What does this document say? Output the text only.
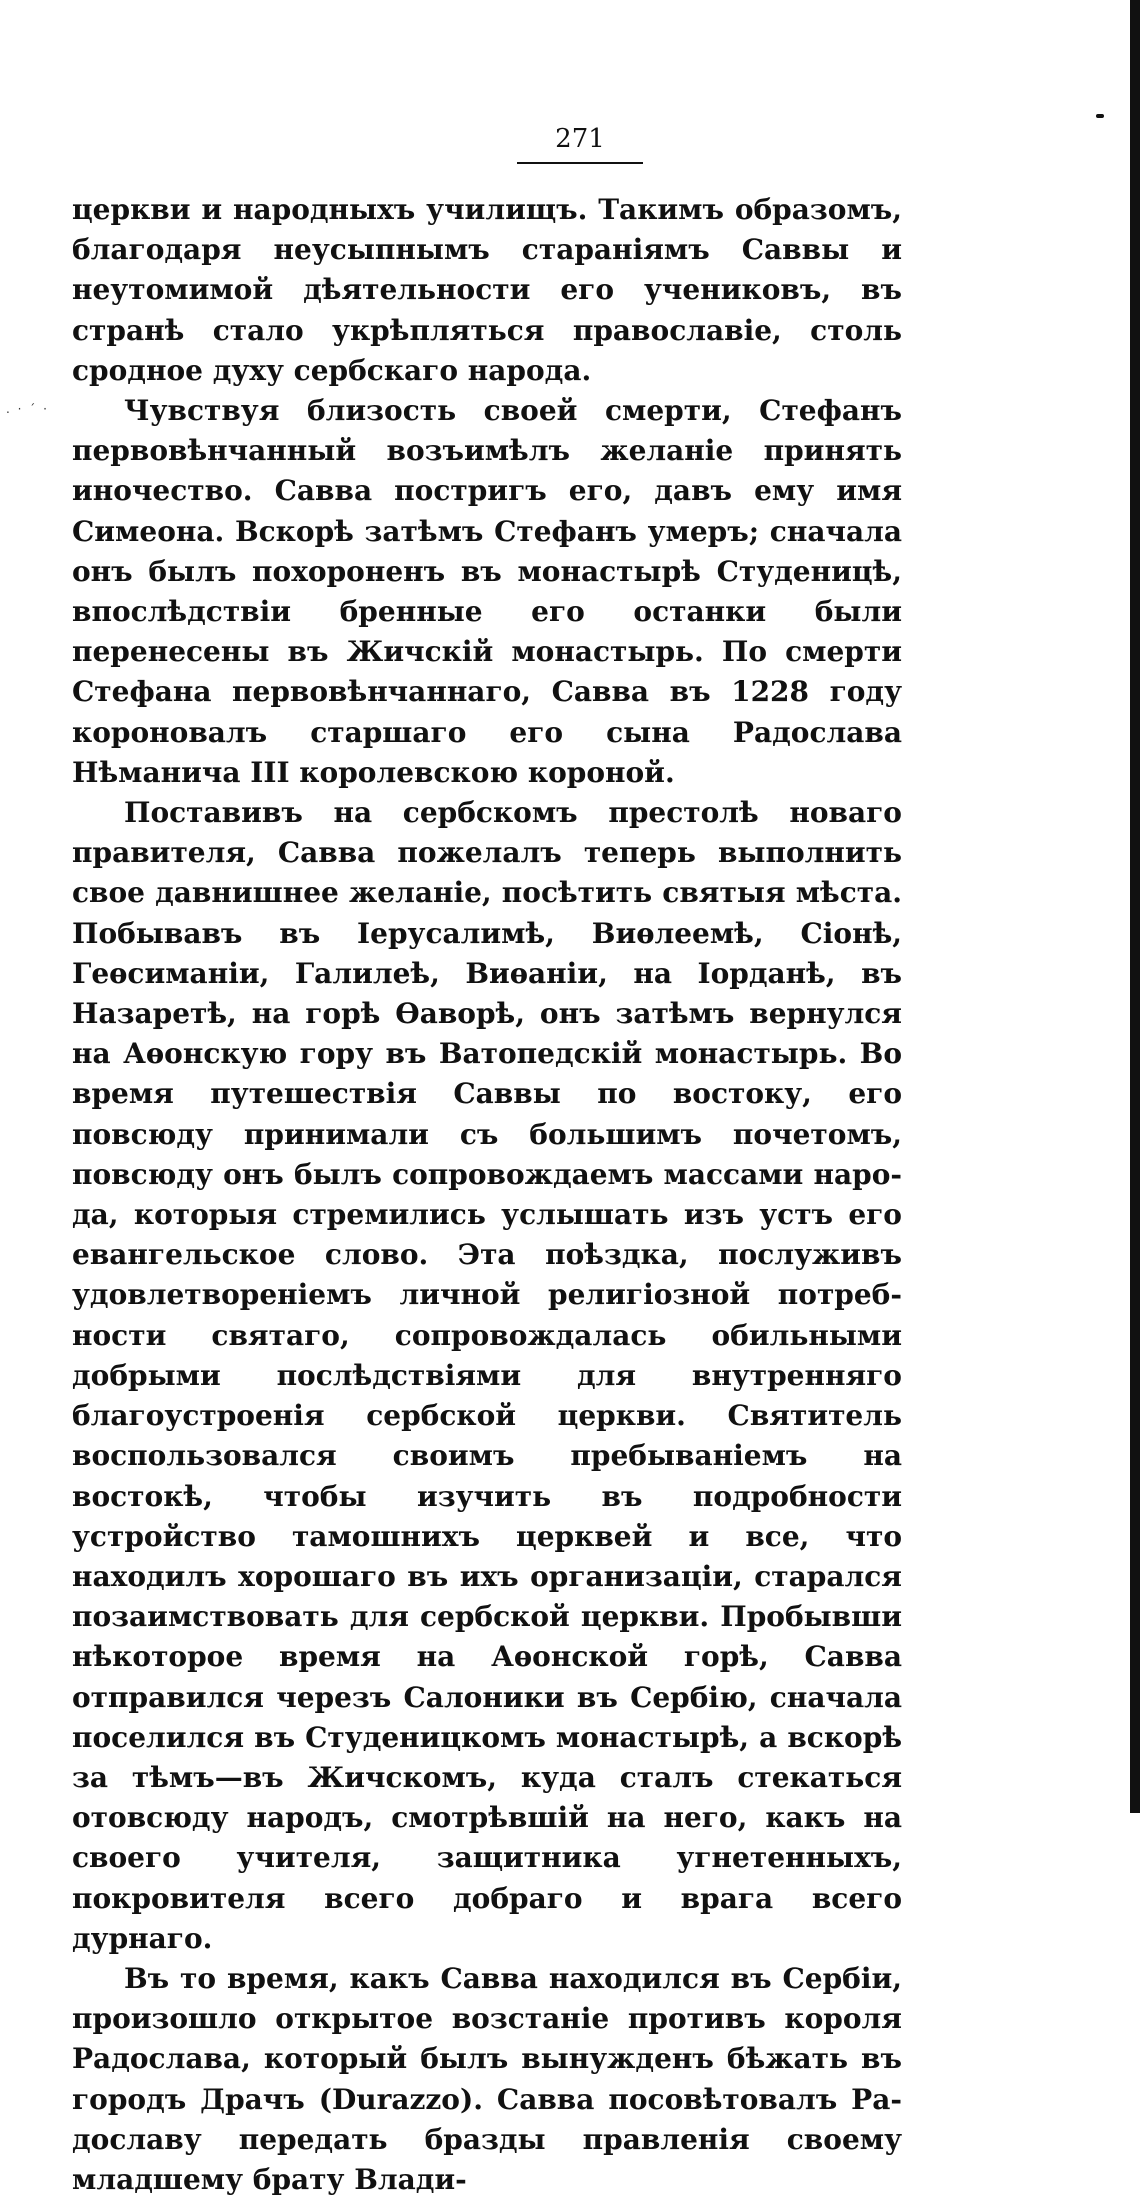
. · ´ ·
271

церкви и народныхъ училищъ. Такимъ образомъ, благодаря неусыпнымъ стараніямъ Саввы и неутомимой дѣятельности его учениковъ, въ странѣ стало укрѣпляться православіе, столь сродное духу сербскаго народа.

Чувствуя близость своей смерти, Стефанъ первовѣнчанный возъимѣлъ желаніе принять иночество. Савва постригъ его, давъ ему имя Симеона. Вскорѣ затѣмъ Стефанъ умеръ; сначала онъ былъ похороненъ въ монастырѣ Студеницѣ, впослѣдствіи бренные его останки были перенесены въ Жичскій монастырь. По смерти Стефана первовѣнчаннаго, Савва въ 1228 году короновалъ старшаго его сына Радослава Нѣманича III королевскою короной.

Поставивъ на сербскомъ престолѣ новаго правителя, Савва пожелалъ теперь выполнить свое давнишнее желаніе, посѣтить святыя мѣста. Побывавъ въ Іерусалимѣ, Виѳлеемѣ, Сіонѣ, Геѳсиманіи, Галилеѣ, Виѳаніи, на Іорданѣ, въ Назаретѣ, на горѣ Ѳаворѣ, онъ затѣмъ вернулся на Аѳонскую гору въ Ватопедскій монастырь. Во время путешествія Саввы по востоку, его повсюду принимали съ большимъ почетомъ, повсюду онъ былъ сопровождаемъ массами народа, которыя стремились услышать изъ устъ его евангельское слово. Эта поѣздка, послуживъ удовлетвореніемъ личной религіозной потребности святаго, сопровождалась обильными добрыми послѣдствіями для внутренняго благоустроенія сербской церкви. Святитель воспользовался своимъ пребываніемъ на востокѣ, чтобы изучить въ подробности устройство тамошнихъ церквей и все, что находилъ хорошаго въ ихъ организаціи, старался позаимствовать для сербской церкви. Пробывши нѣкоторое время на Аѳонской горѣ, Савва отправился черезъ Салоники въ Сербію, сначала поселился въ Студеницкомъ монастырѣ, а вскорѣ за тѣмъ—въ Жичскомъ, куда сталъ стекаться отовсюду народъ, смотрѣвшій на него, какъ на своего учителя, защитника угнетенныхъ, покровителя всего добраго и врага всего дурнаго.

Въ то время, какъ Савва находился въ Сербіи, произошло открытое возстаніе противъ короля Радослава, который былъ вынужденъ бѣжать въ городъ Драчъ (Durazzo). Савва посовѣтовалъ Радославу передать бразды правленія своему младшему брату Влади-
